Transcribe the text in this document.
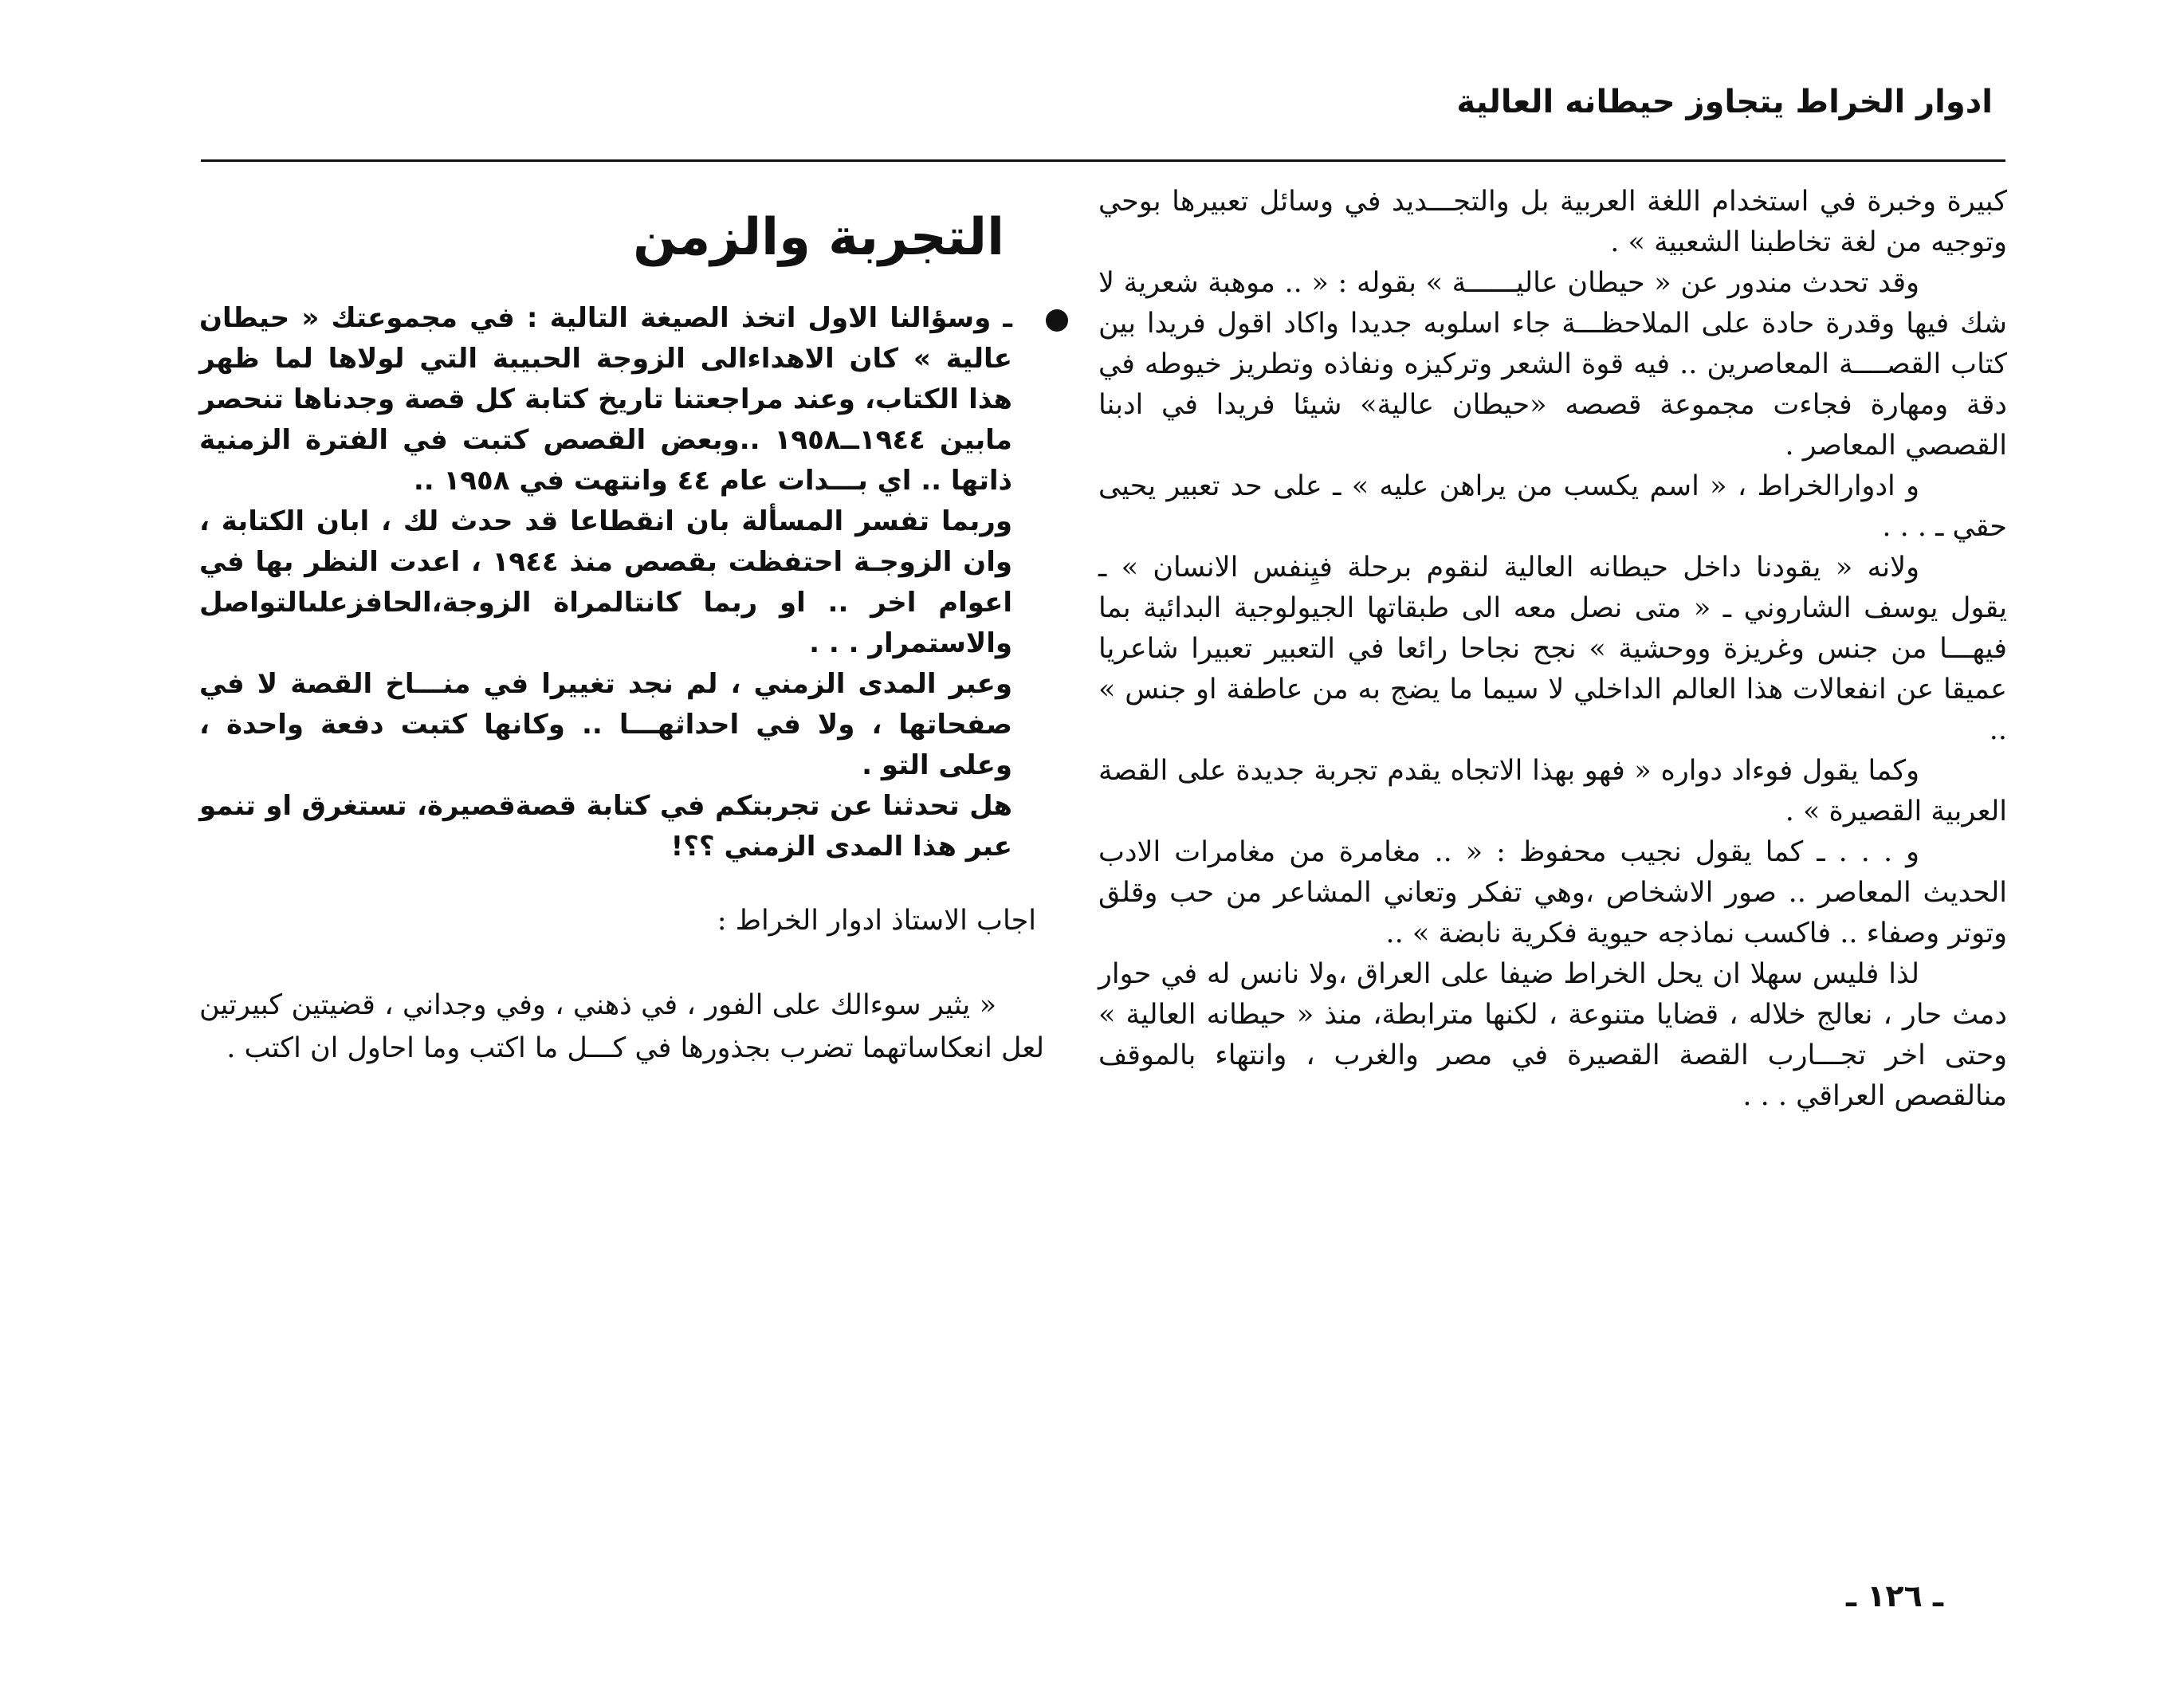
ادوار الخراط يتجاوز حيطانه العالية

كبيرة وخبرة في استخدام اللغة العربية بل والتجـــديد في وسائل تعبيرها بوحي وتوجيه من لغة تخاطبنا الشعبية » .

وقد تحدث مندور عن « حيطان عاليــــــة » بقوله : « .. موهبة شعرية لا شك فيها وقدرة حادة على الملاحظـــة جاء اسلوبه جديدا واكاد اقول فريدا بين كتاب القصــــة المعاصرين .. فيه قوة الشعر وتركيزه ونفاذه وتطريز خيوطه في دقة ومهارة فجاءت مجموعة قصصه «حيطان عالية» شيئا فريدا في ادبنا القصصي المعاصر .

و ادوارالخراط ، « اسم يكسب من يراهن عليه » ـ على حد تعبير يحيى حقي ـ . . .

ولانه « يقودنا داخل حيطانه العالية لنقوم برحلة فيِنفس الانسان » ـ يقول يوسف الشاروني ـ « متى نصل معه الى طبقاتها الجيولوجية البدائية بما فيهـــا من جنس وغريزة ووحشية » نجح نجاحا رائعا في التعبير تعبيرا شاعريا عميقا عن انفعالات هذا العالم الداخلي لا سيما ما يضج به من عاطفة او جنس » ..

وكما يقول فوءاد دواره « فهو بهذا الاتجاه يقدم تجربة جديدة على القصة العربية القصيرة » .

و . . . ـ كما يقول نجيب محفوظ : « .. مغامرة من مغامرات الادب الحديث المعاصر .. صور الاشخاص ،وهي تفكر وتعاني المشاعر من حب وقلق وتوتر وصفاء .. فاكسب نماذجه حيوية فكرية نابضة » ..

لذا فليس سهلا ان يحل الخراط ضيفا على العراق ،ولا نانس له في حوار دمث حار ، نعالج خلاله ، قضايا متنوعة ، لكنها مترابطة، منذ « حيطانه العالية » وحتى اخر تجـــارب القصة القصيرة في مصر والغرب ، وانتهاء بالموقف منالقصص العراقي . . .

التجربة والزمن

ـ وسؤالنا الاول اتخذ الصيغة التالية : في مجموعتك « حيطان عالية » كان الاهداءالى الزوجة الحبيبة التي لولاها لما ظهر هذا الكتاب، وعند مراجعتنا تاريخ كتابة كل قصة وجدناها تنحصر مابين ١٩٤٤ــ١٩٥٨ ..وبعض القصص كتبت في الفترة الزمنية ذاتها .. اي بـــدات عام ٤٤ وانتهت في ١٩٥٨ ..

وربما تفسر المسألة بان انقطاعا قد حدث لك ، ابان الكتابة ، وان الزوجـة احتفظت بقصص منذ ١٩٤٤ ، اعدت النظر بها في اعوام اخر .. او ربما كانتالمراة الزوجة،الحافزعلىالتواصل والاستمرار . . .

وعبر المدى الزمني ، لم نجد تغييرا في منـــاخ القصة لا في صفحاتها ، ولا في احداثهـــا .. وكانها كتبت دفعة واحدة ، وعلى التو .

هل تحدثنا عن تجربتكم في كتابة قصةقصيرة، تستغرق او تنمو عبر هذا المدى الزمني ؟؟!

اجاب الاستاذ ادوار الخراط :

« يثير سوءالك على الفور ، في ذهني ، وفي وجداني ، قضيتين كبيرتين لعل انعكاساتهما تضرب بجذورها في كـــل ما اكتب وما احاول ان اكتب .

ـ ١٢٦ ـ
